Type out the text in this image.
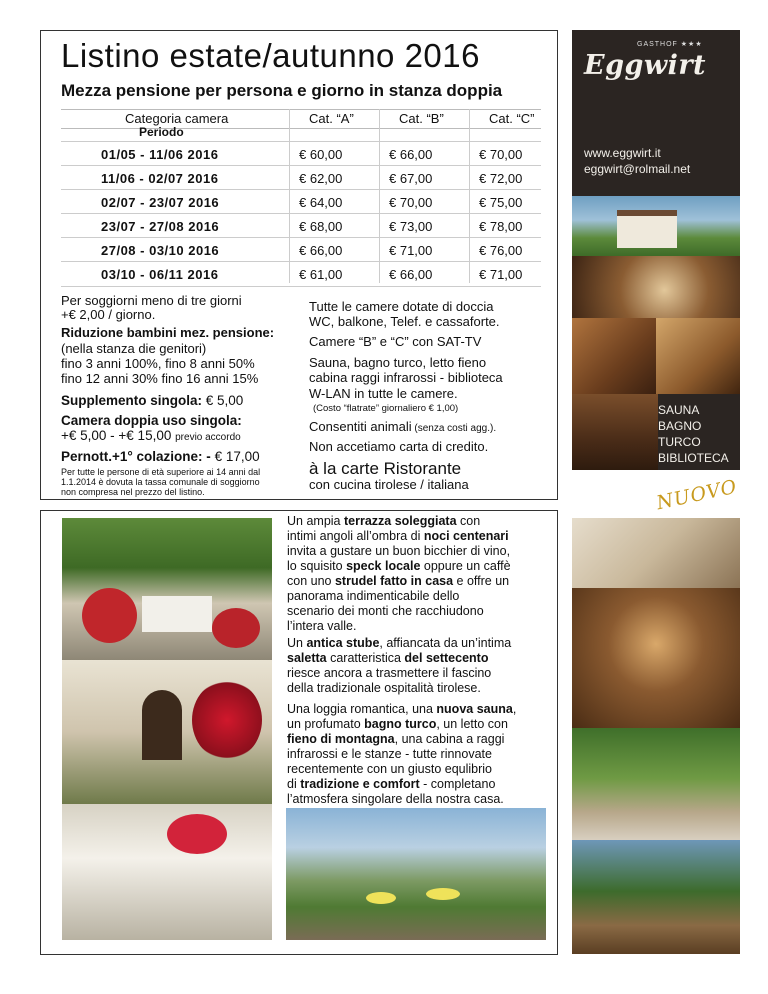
Listino estate/autunno 2016
Mezza pensione per persona e giorno in stanza doppia
Categoria camera	Cat. “A”	Cat. “B”	Cat. “C”
Periodo
01/05 - 11/06 2016	€ 60,00	€ 66,00	€ 70,00
11/06 - 02/07 2016	€ 62,00	€ 67,00	€ 72,00
02/07 - 23/07 2016	€ 64,00	€ 70,00	€ 75,00
23/07 - 27/08 2016	€ 68,00	€ 73,00	€ 78,00
27/08 - 03/10 2016	€ 66,00	€ 71,00	€ 76,00
03/10 - 06/11 2016	€ 61,00	€ 66,00	€ 71,00
Per soggiorni meno di tre giorni
+€ 2,00 / giorno.
Riduzione bambini mez. pensione:
(nella stanza die genitori)
fino 3 anni 100%, fino 8 anni 50%
fino 12 anni 30% fino 16 anni 15%
Supplemento singola: € 5,00
Camera doppia uso singola:
+€ 5,00 - +€ 15,00 previo accordo
Pernott.+1° colazione: - € 17,00
Per tutte le persone di età superiore ai 14 anni dal
1.1.2014 è dovuta la tassa comunale di soggiorno
non compresa nel prezzo del listino.
Tutte le camere dotate di doccia
WC, balkone, Telef. e cassaforte.
Camere “B” e “C” con SAT-TV
Sauna, bagno turco, letto fieno
cabina raggi infrarossi - biblioteca
W-LAN in tutte le camere.
(Costo “flatrate” giornaliero € 1,00)
Consentiti animali (senza costi agg.).
Non accetiamo carta di credito.
à la carte Ristorante
con cucina tirolese / italiana
GASTHOF ★★★
Eggwirt
www.eggwirt.it
eggwirt@rolmail.net
SAUNA
BAGNO
TURCO
BIBLIOTECA
NUOVO
Un ampia terrazza soleggiata con
intimi angoli all’ombra di noci centenari
invita a gustare un buon bicchier di vino,
lo squisito speck locale oppure un caffè
con uno strudel fatto in casa e offre un
panorama indimenticabile dello
scenario dei monti che racchiudono
l’intera valle.
Un antica stube, affiancata da un’intima
saletta caratteristica del settecento
riesce ancora a trasmettere il fascino
della tradizionale ospitalità tirolese.
Una loggia romantica, una nuova sauna,
un profumato bagno turco, un letto con
fieno di montagna, una cabina a raggi
infrarossi e le stanze - tutte rinnovate
recentemente con un giusto equlibrio
di tradizione e comfort - completano
l’atmosfera singolare della nostra casa.
